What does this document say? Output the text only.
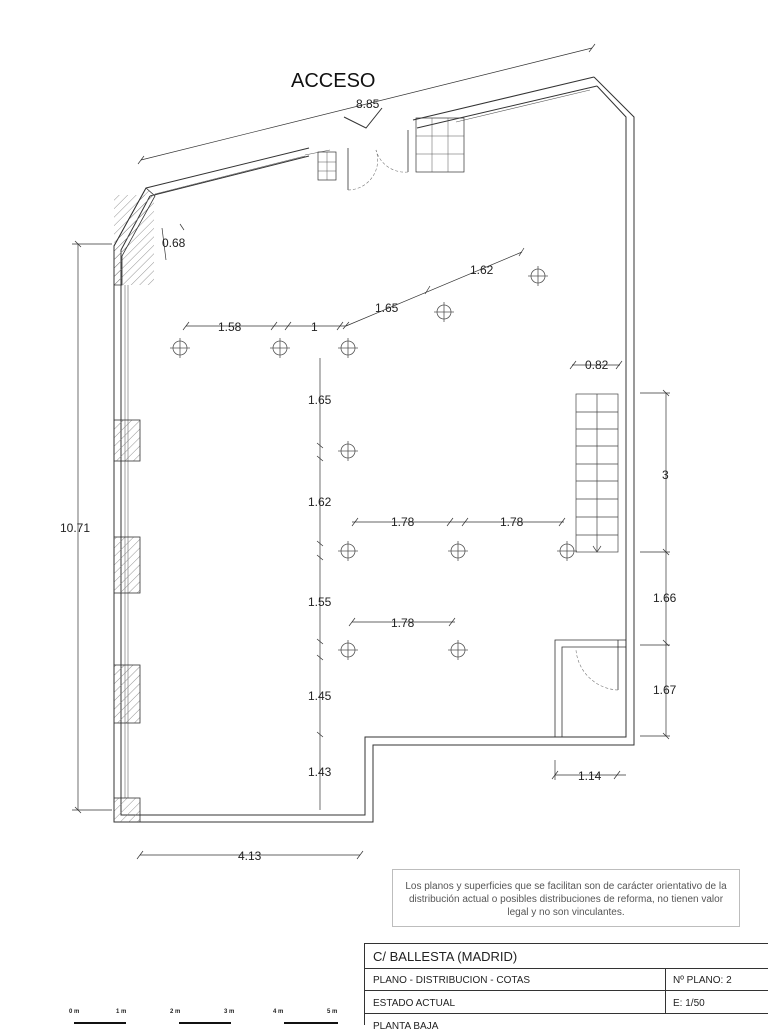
ACCESO
8.85
0.68
1.62
1.65
1.58	1
0.82
1.65
1.62
1.78	1.78
3
1.55	1.66
1.78
1.45	1.67
1.43	1.14
10.71
4.13
0 m	1 m	2 m	3 m	4 m	5 m
Los planos y superficies que se facilitan son de carácter orientativo de la distribución actual o posibles distribuciones de reforma, no tienen valor legal y no son vinculantes.
C/ BALLESTA (MADRID)
PLANO - DISTRIBUCION - COTAS	Nº PLANO: 2
ESTADO ACTUAL	E: 1/50
PLANTA BAJA
